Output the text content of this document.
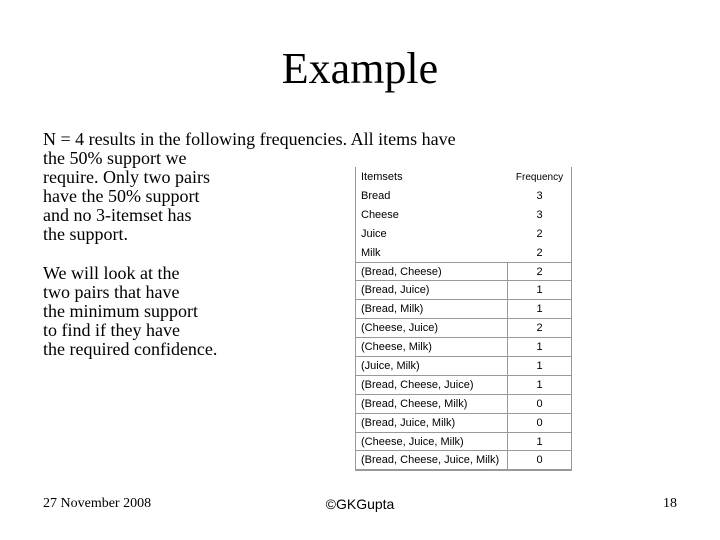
Example
N = 4 results in the following frequencies. All items have
the 50% support we
require. Only two pairs
have the 50% support
and no 3-itemset has
the support.
We will look at the
two pairs that have
the minimum support
to find if they have
the required confidence.
Itemsets	Frequency
Bread	3
Cheese	3
Juice	2
Milk	2
(Bread, Cheese)	2
(Bread, Juice)	1
(Bread, Milk)	1
(Cheese, Juice)	2
(Cheese, Milk)	1
(Juice, Milk)	1
(Bread, Cheese, Juice)	1
(Bread, Cheese, Milk)	0
(Bread, Juice, Milk)	0
(Cheese, Juice, Milk)	1
(Bread, Cheese, Juice, Milk)	0
27 November 2008	©GKGupta	18
